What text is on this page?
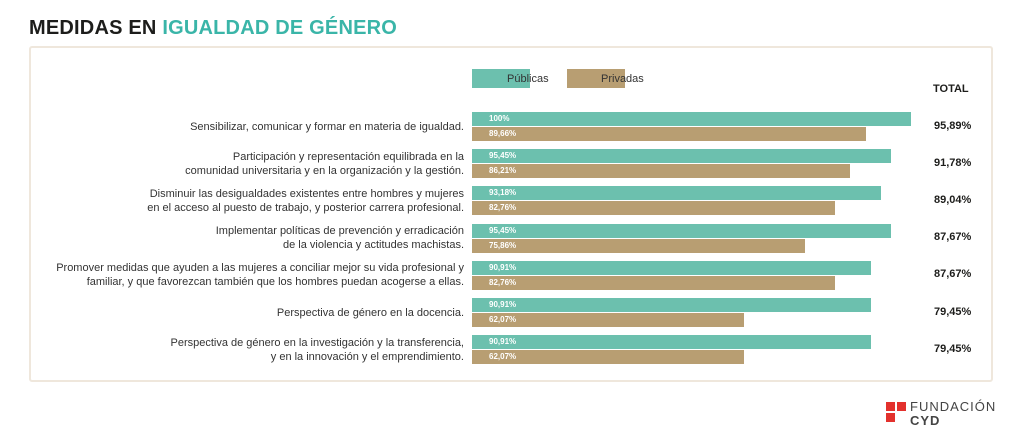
MEDIDAS EN IGUALDAD DE GÉNERO
Públicas	Privadas
TOTAL
Sensibilizar, comunicar y formar en materia de igualdad.
100%
89,66%
95,89%
Participación y representación equilibrada en la
comunidad universitaria y en la organización y la gestión.
95,45%
86,21%
91,78%
Disminuir las desigualdades existentes entre hombres y mujeres
en el acceso al puesto de trabajo, y posterior carrera profesional.
93,18%
82,76%
89,04%
Implementar políticas de prevención y erradicación
de la violencia y actitudes machistas.
95,45%
75,86%
87,67%
Promover medidas que ayuden a las mujeres a conciliar mejor su vida profesional y
familiar, y que favorezcan también que los hombres puedan acogerse a ellas.
90,91%
82,76%
87,67%
Perspectiva de género en la docencia.
90,91%
62,07%
79,45%
Perspectiva de género en la investigación y la transferencia,
y en la innovación y el emprendimiento.
90,91%
62,07%
79,45%
FUNDACIÓN
CYD
